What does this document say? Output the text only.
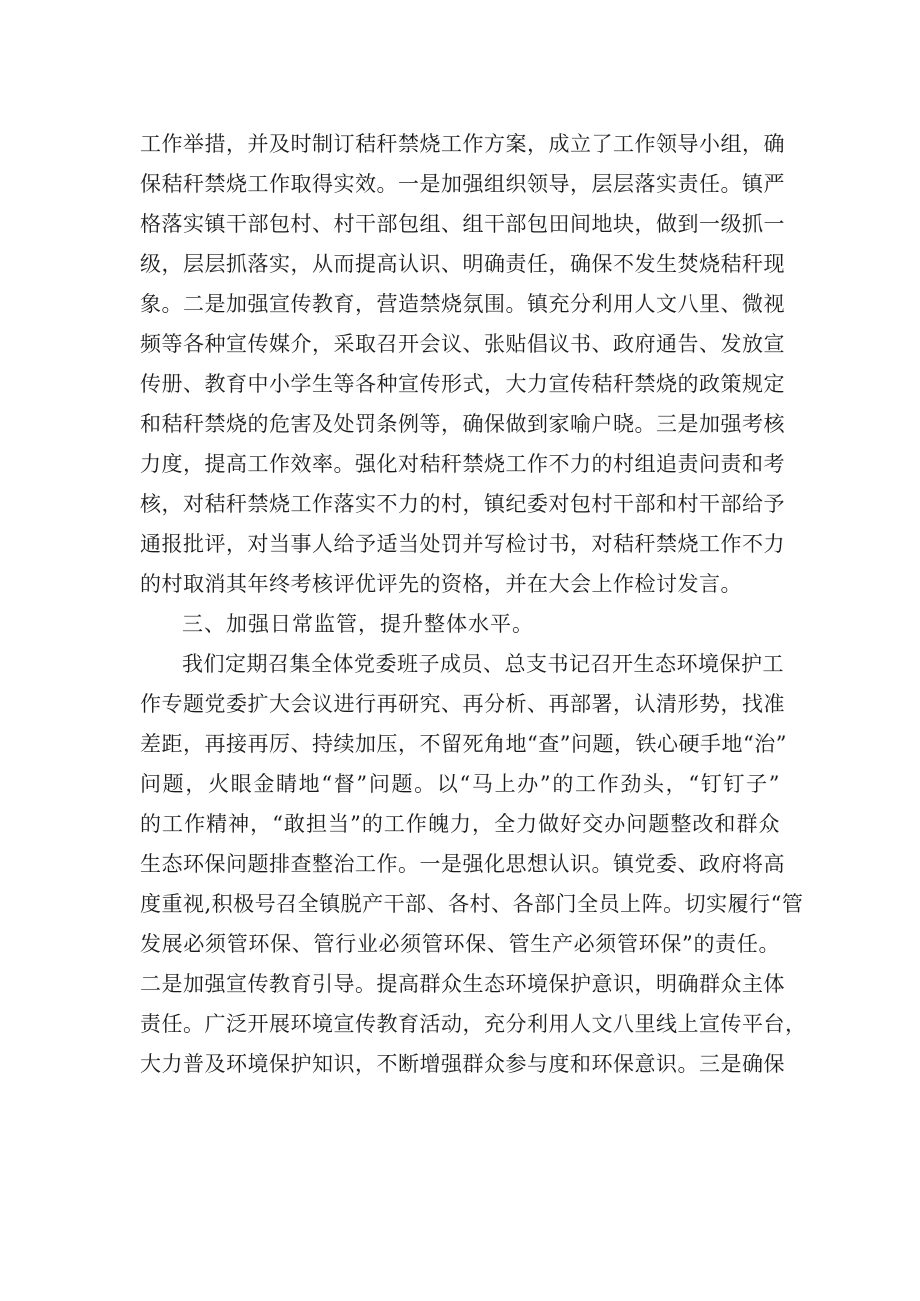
工作举措，并及时制订秸秆禁烧工作方案，成立了工作领导小组，确
保秸秆禁烧工作取得实效。一是加强组织领导，层层落实责任。镇严
格落实镇干部包村、村干部包组、组干部包田间地块，做到一级抓一
级，层层抓落实，从而提高认识、明确责任，确保不发生焚烧秸秆现
象。二是加强宣传教育，营造禁烧氛围。镇充分利用人文八里、微视
频等各种宣传媒介，采取召开会议、张贴倡议书、政府通告、发放宣
传册、教育中小学生等各种宣传形式，大力宣传秸秆禁烧的政策规定
和秸秆禁烧的危害及处罚条例等，确保做到家喻户晓。三是加强考核
力度，提高工作效率。强化对秸秆禁烧工作不力的村组追责问责和考
核，对秸秆禁烧工作落实不力的村，镇纪委对包村干部和村干部给予
通报批评，对当事人给予适当处罚并写检讨书，对秸秆禁烧工作不力
的村取消其年终考核评优评先的资格，并在大会上作检讨发言。
三、加强日常监管，提升整体水平。
我们定期召集全体党委班子成员、总支书记召开生态环境保护工
作专题党委扩大会议进行再研究、再分析、再部署，认清形势，找准
差距，再接再厉、持续加压，不留死角地“查”问题，铁心硬手地“治”
问题，火眼金睛地“督”问题。以“马上办”的工作劲头，“钉钉子”
的工作精神，“敢担当”的工作魄力，全力做好交办问题整改和群众
生态环保问题排查整治工作。一是强化思想认识。镇党委、政府将高
度重视,积极号召全镇脱产干部、各村、各部门全员上阵。切实履行“管
发展必须管环保、管行业必须管环保、管生产必须管环保”的责任。
二是加强宣传教育引导。提高群众生态环境保护意识，明确群众主体
责任。广泛开展环境宣传教育活动，充分利用人文八里线上宣传平台，
大力普及环境保护知识，不断增强群众参与度和环保意识。三是确保
